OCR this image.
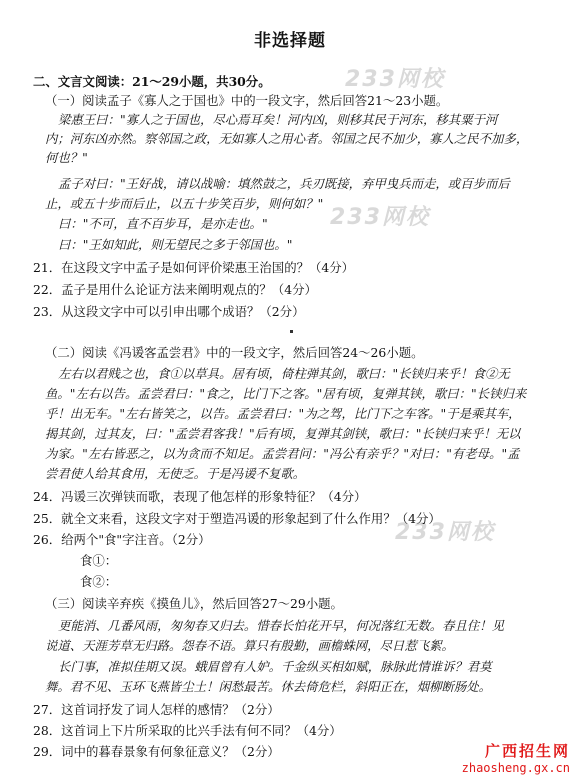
233网校
233网校
233网校
非选择题
二、文言文阅读：21～29小题，共30分。
（一）阅读孟子《寡人之于国也》中的一段文字，然后回答21～23小题。
梁惠王曰："寡人之于国也，尽心焉耳矣！河内凶，则移其民于河东，移其粟于河
内；河东凶亦然。察邻国之政，无如寡人之用心者。邻国之民不加少，寡人之民不加多，
何也？"
孟子对曰："王好战，请以战喻：填然鼓之，兵刃既接，弃甲曳兵而走，或百步而后
止，或五十步而后止，以五十步笑百步，则何如？"
曰："不可，直不百步耳，是亦走也。"
曰："王如知此，则无望民之多于邻国也。"
21．在这段文字中孟子是如何评价梁惠王治国的？（4分）
22．孟子是用什么论证方法来阐明观点的？（4分）
23．从这段文字中可以引申出哪个成语？（2分）
（二）阅读《冯谖客孟尝君》中的一段文字，然后回答24～26小题。
左右以君贱之也，食①以草具。居有顷，倚柱弹其剑，歌曰："长铗归来乎！食②无
鱼。"左右以告。孟尝君曰："食之，比门下之客。"居有顷，复弹其铗，歌曰："长铗归来
乎！出无车。"左右皆笑之，以告。孟尝君曰："为之驾，比门下之车客。"于是乘其车，
揭其剑，过其友，曰："孟尝君客我！"后有顷，复弹其剑铗，歌曰："长铗归来乎！无以
为家。"左右皆恶之，以为贪而不知足。孟尝君问："冯公有亲乎？"对曰："有老母。"孟
尝君使人给其食用，无使乏。于是冯谖不复歌。
24．冯谖三次弹铗而歌，表现了他怎样的形象特征？（4分）
25．就全文来看，这段文字对于塑造冯谖的形象起到了什么作用？（4分）
26．给两个"食"字注音。（2分）
食①：
食②：
（三）阅读辛弃疾《摸鱼儿》，然后回答27～29小题。
更能消、几番风雨，匆匆春又归去。惜春长怕花开早，何况落红无数。春且住！见
说道、天涯芳草无归路。怨春不语。算只有殷勤，画檐蛛网，尽日惹飞絮。
长门事，准拟佳期又误。蛾眉曾有人妒。千金纵买相如赋，脉脉此情谁诉？君莫
舞。君不见、玉环飞燕皆尘土！闲愁最苦。休去倚危栏，斜阳正在，烟柳断肠处。
27．这首词抒发了词人怎样的感情？（2分）
28．这首词上下片所采取的比兴手法有何不同？（4分）
29．词中的暮春景象有何象征意义？（2分）	广西招生网
zhaosheng.gx.cn
